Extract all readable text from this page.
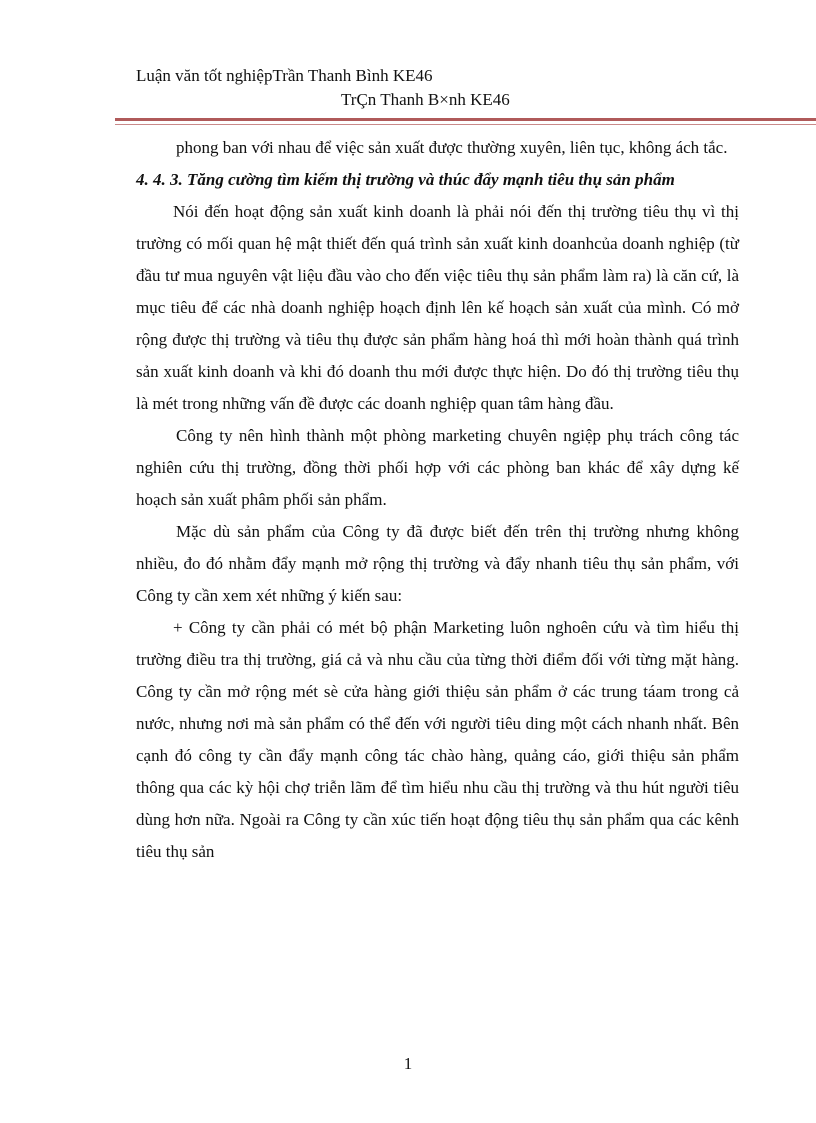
Luận văn tốt nghiệpTrần Thanh Bình KE46
TrÇn Thanh B×nh KE46

phong ban với nhau để việc sản xuất được thường xuyên, liên tục, không ách tắc.

4. 4. 3. Tăng cường tìm kiếm thị trường và thúc đẩy mạnh tiêu thụ sản phẩm

Nói đến hoạt động sản xuất kinh doanh là phải nói đến thị trường tiêu thụ vì thị trường có mối quan hệ mật thiết đến quá trình sản xuất kinh doanhcủa doanh nghiệp (từ đầu tư mua nguyên vật liệu đầu vào cho đến việc tiêu thụ sản phẩm làm ra) là căn cứ, là mục tiêu để các nhà doanh nghiệp hoạch định lên kế hoạch sản xuất của mình. Có mở rộng được thị trường và tiêu thụ được sản phẩm hàng hoá thì mới hoàn thành quá trình sản xuất kinh doanh và khi đó doanh thu mới được thực hiện. Do đó thị trường tiêu thụ là mét trong những vấn đề được các doanh nghiệp quan tâm hàng đầu.

Công ty nên hình thành một phòng marketing chuyên ngiệp phụ trách công tác nghiên cứu thị trường, đồng thời phối hợp với các phòng ban khác để xây dựng kế hoạch sản xuất phâm phối sản phẩm.

Mặc dù sản phẩm của Công ty đã được biết đến trên thị trường nhưng không nhiều, đo đó nhằm đẩy mạnh mở rộng thị trường và đẩy nhanh tiêu thụ sản phẩm, với Công ty cần xem xét những ý kiến sau:

+ Công ty cần phải có mét bộ phận Marketing luôn nghoên cứu và tìm hiểu thị trường điều tra thị trường, giá cả và nhu cầu của từng thời điểm đối với từng mặt hàng. Công ty cần mở rộng mét sè cửa hàng giới thiệu sản phẩm ở các trung táam trong cả nước, nhưng nơi mà sản phẩm có thể đến với người tiêu ding một cách nhanh nhất. Bên cạnh đó công ty cần đẩy mạnh công tác chào hàng, quảng cáo, giới thiệu sản phẩm thông qua các kỳ hội chợ triễn lãm để tìm hiểu nhu cầu thị trường và thu hút người tiêu dùng hơn nữa. Ngoài ra Công ty cần xúc tiến hoạt động tiêu thụ sản phẩm qua các kênh tiêu thụ sản

1
